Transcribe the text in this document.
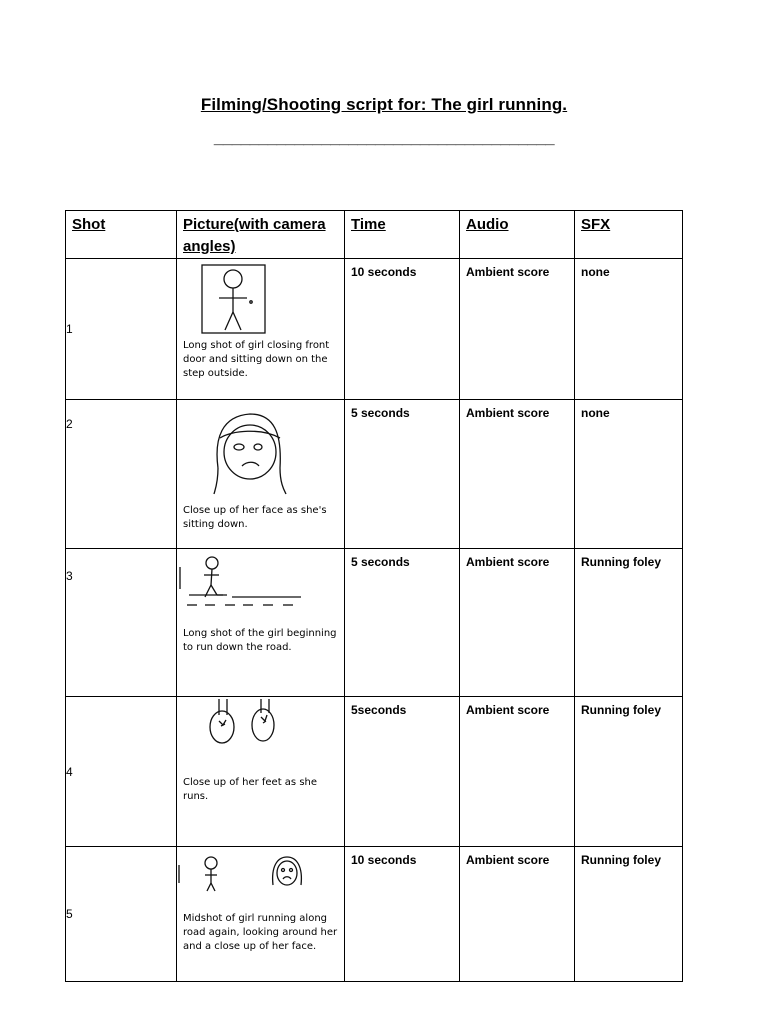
Filming/Shooting script for: The girl running.
______________________________________
Shot	Picture(with camera angles)	Time	Audio	SFX

1	Long shot of girl closing front door and sitting down on the step outside.	10 seconds	Ambient score	none

2	Close up of her face as she's sitting down.	5 seconds	Ambient score	none

3	Long shot of the girl beginning to run down the road.	5 seconds	Ambient score	Running foley

4	Close up of her feet as she runs.	5seconds	Ambient score	Running foley

5	Midshot of girl running along road again, looking around her and a close up of her face.	10 seconds	Ambient score	Running foley
